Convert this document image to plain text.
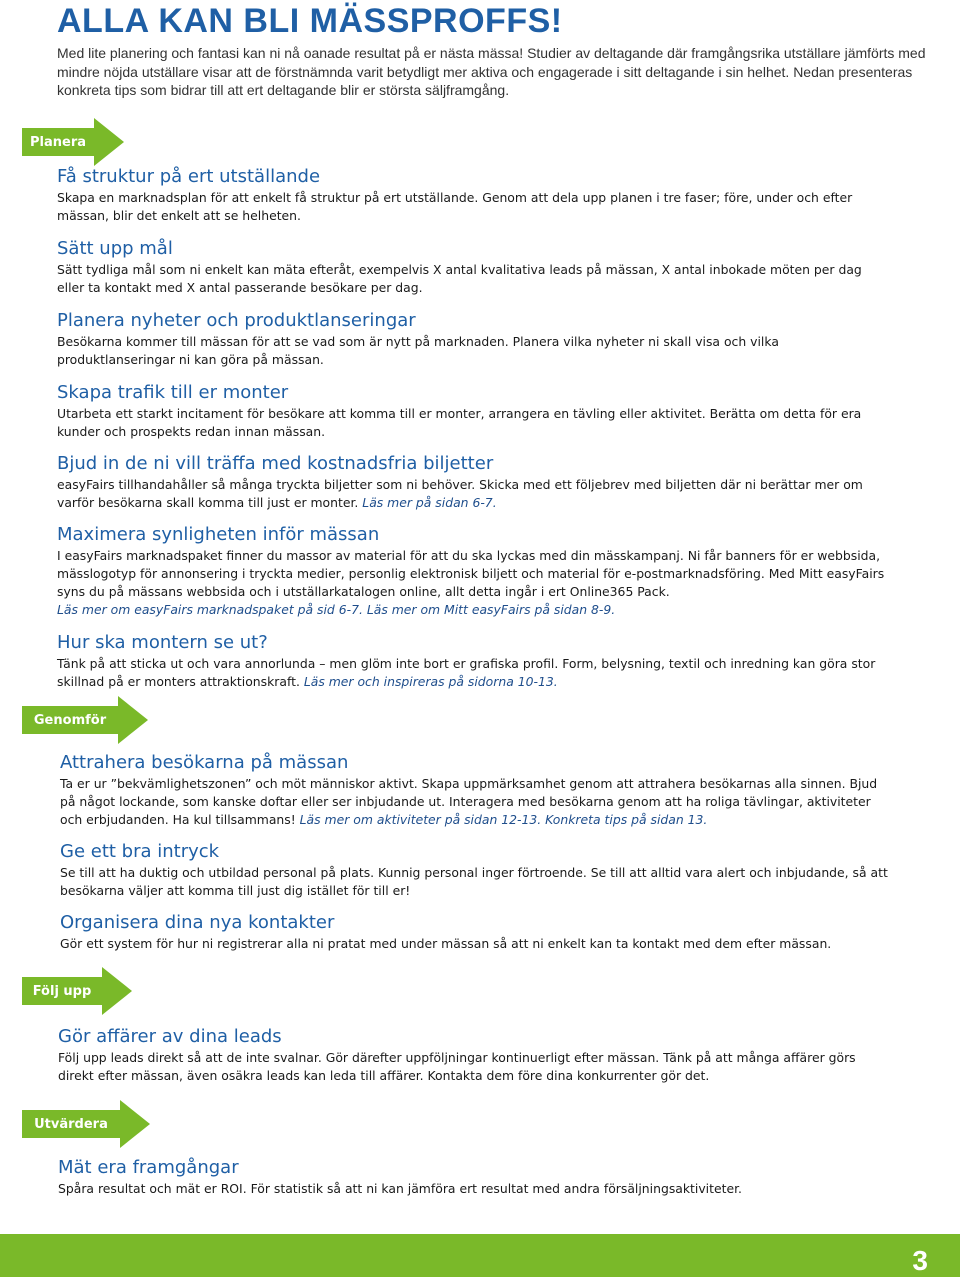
ALLA KAN BLI MÄSSPROFFS!

Med lite planering och fantasi kan ni nå oanade resultat på er nästa mässa! Studier av deltagande där framgångsrika utställare jämförts med mindre nöjda utställare visar att de förstnämnda varit betydligt mer aktiva och engagerade i sitt deltagande i sin helhet. Nedan presenteras konkreta tips som bidrar till att ert deltagande blir er största säljframgång.

Planera
Få struktur på ert utställande

Skapa en marknadsplan för att enkelt få struktur på ert utställande. Genom att dela upp planen i tre faser; före, under och efter mässan, blir det enkelt att se helheten.

Sätt upp mål

Sätt tydliga mål som ni enkelt kan mäta efteråt, exempelvis X antal kvalitativa leads på mässan, X antal inbokade möten per dag eller ta kontakt med X antal passerande besökare per dag.

Planera nyheter och produktlanseringar

Besökarna kommer till mässan för att se vad som är nytt på marknaden. Planera vilka nyheter ni skall visa och vilka produktlanseringar ni kan göra på mässan.

Skapa trafik till er monter

Utarbeta ett starkt incitament för besökare att komma till er monter, arrangera en tävling eller aktivitet. Berätta om detta för era kunder och prospekts redan innan mässan.

Bjud in de ni vill träffa med kostnadsfria biljetter

easyFairs tillhandahåller så många tryckta biljetter som ni behöver. Skicka med ett följebrev med biljetten där ni berättar mer om varför besökarna skall komma till just er monter. Läs mer på sidan 6-7.

Maximera synligheten inför mässan

I easyFairs marknadspaket finner du massor av material för att du ska lyckas med din mässkampanj. Ni får banners för er webbsida, mässlogotyp för annonsering i tryckta medier, personlig elektronisk biljett och material för e-postmarknadsföring. Med Mitt easyFairs syns du på mässans webbsida och i utställarkatalogen online, allt detta ingår i ert Online365 Pack.
Läs mer om easyFairs marknadspaket på sid 6-7. Läs mer om Mitt easyFairs på sidan 8-9.

Hur ska montern se ut?

Tänk på att sticka ut och vara annorlunda – men glöm inte bort er grafiska profil. Form, belysning, textil och inredning kan göra stor skillnad på er monters attraktionskraft. Läs mer och inspireras på sidorna 10-13.

Genomför
Attrahera besökarna på mässan

Ta er ur ”bekvämlighetszonen” och möt människor aktivt. Skapa uppmärksamhet genom att attrahera besökarnas alla sinnen. Bjud på något lockande, som kanske doftar eller ser inbjudande ut. Interagera med besökarna genom att ha roliga tävlingar, aktiviteter och erbjudanden. Ha kul tillsammans! Läs mer om aktiviteter på sidan 12-13. Konkreta tips på sidan 13.

Ge ett bra intryck

Se till att ha duktig och utbildad personal på plats. Kunnig personal inger förtroende. Se till att alltid vara alert och inbjudande, så att besökarna väljer att komma till just dig istället för till er!

Organisera dina nya kontakter

Gör ett system för hur ni registrerar alla ni pratat med under mässan så att ni enkelt kan ta kontakt med dem efter mässan.

Följ upp
Gör affärer av dina leads

Följ upp leads direkt så att de inte svalnar. Gör därefter uppföljningar kontinuerligt efter mässan. Tänk på att många affärer görs direkt efter mässan, även osäkra leads kan leda till affärer. Kontakta dem före dina konkurrenter gör det.

Utvärdera
Mät era framgångar

Spåra resultat och mät er ROI. För statistik så att ni kan jämföra ert resultat med andra försäljningsaktiviteter.

3
